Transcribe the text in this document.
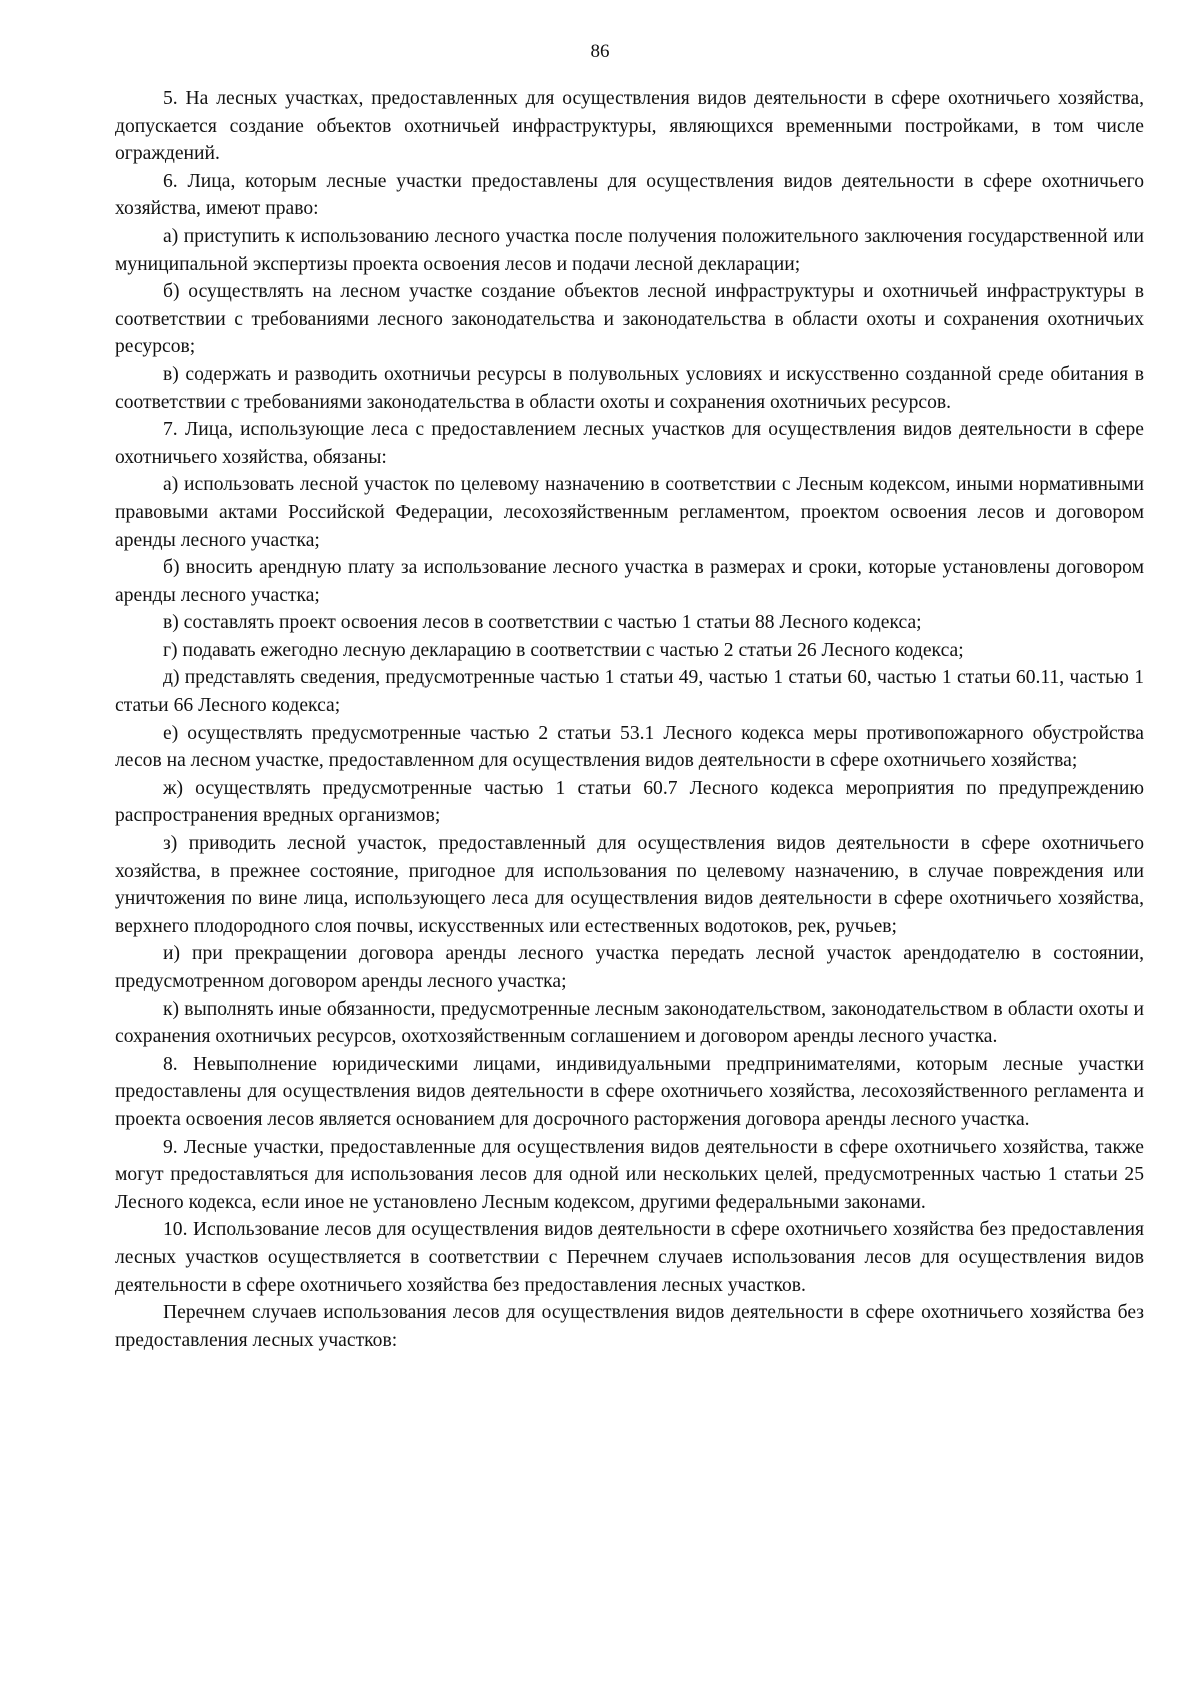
86

5. На лесных участках, предоставленных для осуществления видов деятельности в сфере охотничьего хозяйства, допускается создание объектов охотничьей инфраструктуры, являющихся временными постройками, в том числе ограждений.

6. Лица, которым лесные участки предоставлены для осуществления видов деятельности в сфере охотничьего хозяйства, имеют право:

а) приступить к использованию лесного участка после получения положительного заключения государственной или муниципальной экспертизы проекта освоения лесов и подачи лесной декларации;

б) осуществлять на лесном участке создание объектов лесной инфраструктуры и охотничьей инфраструктуры в соответствии с требованиями лесного законодательства и законодательства в области охоты и сохранения охотничьих ресурсов;

в) содержать и разводить охотничьи ресурсы в полувольных условиях и искусственно созданной среде обитания в соответствии с требованиями законодательства в области охоты и сохранения охотничьих ресурсов.

7. Лица, использующие леса с предоставлением лесных участков для осуществления видов деятельности в сфере охотничьего хозяйства, обязаны:

а) использовать лесной участок по целевому назначению в соответствии с Лесным кодексом, иными нормативными правовыми актами Российской Федерации, лесохозяйственным регламентом, проектом освоения лесов и договором аренды лесного участка;

б) вносить арендную плату за использование лесного участка в размерах и сроки, которые установлены договором аренды лесного участка;

в) составлять проект освоения лесов в соответствии с частью 1 статьи 88 Лесного кодекса;

г) подавать ежегодно лесную декларацию в соответствии с частью 2 статьи 26 Лесного кодекса;

д) представлять сведения, предусмотренные частью 1 статьи 49, частью 1 статьи 60, частью 1 статьи 60.11, частью 1 статьи 66 Лесного кодекса;

е) осуществлять предусмотренные частью 2 статьи 53.1 Лесного кодекса меры противопожарного обустройства лесов на лесном участке, предоставленном для осуществления видов деятельности в сфере охотничьего хозяйства;

ж) осуществлять предусмотренные частью 1 статьи 60.7 Лесного кодекса мероприятия по предупреждению распространения вредных организмов;

з) приводить лесной участок, предоставленный для осуществления видов деятельности в сфере охотничьего хозяйства, в прежнее состояние, пригодное для использования по целевому назначению, в случае повреждения или уничтожения по вине лица, использующего леса для осуществления видов деятельности в сфере охотничьего хозяйства, верхнего плодородного слоя почвы, искусственных или естественных водотоков, рек, ручьев;

и) при прекращении договора аренды лесного участка передать лесной участок арендодателю в состоянии, предусмотренном договором аренды лесного участка;

к) выполнять иные обязанности, предусмотренные лесным законодательством, законодательством в области охоты и сохранения охотничьих ресурсов, охотхозяйственным соглашением и договором аренды лесного участка.

8. Невыполнение юридическими лицами, индивидуальными предпринимателями, которым лесные участки предоставлены для осуществления видов деятельности в сфере охотничьего хозяйства, лесохозяйственного регламента и проекта освоения лесов является основанием для досрочного расторжения договора аренды лесного участка.

9. Лесные участки, предоставленные для осуществления видов деятельности в сфере охотничьего хозяйства, также могут предоставляться для использования лесов для одной или нескольких целей, предусмотренных частью 1 статьи 25 Лесного кодекса, если иное не установлено Лесным кодексом, другими федеральными законами.

10. Использование лесов для осуществления видов деятельности в сфере охотничьего хозяйства без предоставления лесных участков осуществляется в соответствии с Перечнем случаев использования лесов для осуществления видов деятельности в сфере охотничьего хозяйства без предоставления лесных участков.

Перечнем случаев использования лесов для осуществления видов деятельности в сфере охотничьего хозяйства без предоставления лесных участков:
